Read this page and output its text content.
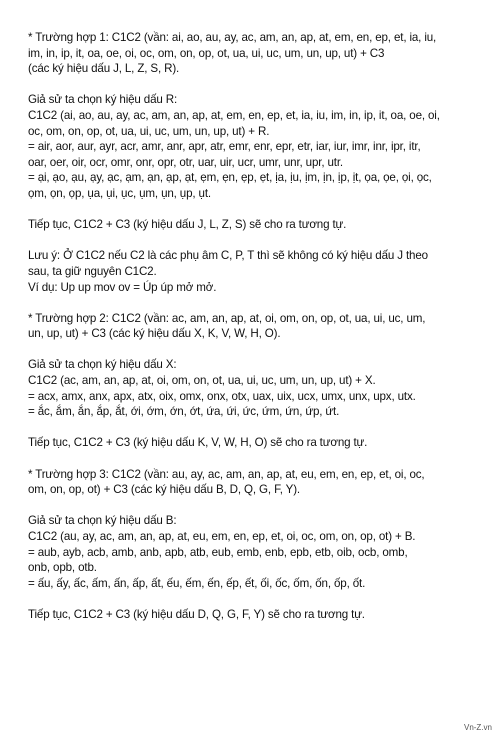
* Trường hợp 1: C1C2 (vần: ai, ao, au, ay, ac, am, an, ap, at, em, en, ep, et, ia, iu,
im, in, ip, it, oa, oe, oi, oc, om, on, op, ot, ua, ui, uc, um, un, up, ut) + C3
(các ký hiệu dấu J, L, Z, S, R).
Giả sử ta chọn ký hiệu dấu R:
C1C2 (ai, ao, au, ay, ac, am, an, ap, at, em, en, ep, et, ia, iu, im, in, ip, it, oa, oe, oi,
oc, om, on, op, ot, ua, ui, uc, um, un, up, ut) + R.
= air, aor, aur, ayr, acr, amr, anr, apr, atr, emr, enr, epr, etr, iar, iur, imr, inr, ipr, itr,
oar, oer, oir, ocr, omr, onr, opr, otr, uar, uir, ucr, umr, unr, upr, utr.
= ại, ạo, ạu, ạy, ạc, ạm, ạn, ạp, ạt, ẹm, ẹn, ẹp, ẹt, ịa, ịu, ịm, ịn, ịp, ịt, ọa, ọe, ọi, ọc,
ọm, ọn, ọp, ụa, ụi, ục, ụm, ụn, ụp, ụt.
Tiếp tục, C1C2 + C3 (ký hiệu dấu J, L, Z, S) sẽ cho ra tương tự.
Lưu ý: Ở C1C2 nếu C2 là các phụ âm C, P, T thì sẽ không có ký hiệu dấu J theo
sau, ta giữ nguyên C1C2.
Ví dụ: Up up mov ov = Úp úp mở mở.
* Trường hợp 2: C1C2 (vần: ac, am, an, ap, at, oi, om, on, op, ot, ua, ui, uc, um,
un, up, ut) + C3 (các ký hiệu dấu X, K, V, W, H, O).
Giả sử ta chọn ký hiệu dấu X:
C1C2 (ac, am, an, ap, at, oi, om, on, ot, ua, ui, uc, um, un, up, ut) + X.
= acx, amx, anx, apx, atx, oix, omx, onx, otx, uax, uix, ucx, umx, unx, upx, utx.
= ắc, ắm, ắn, ắp, ắt, ới, ớm, ớn, ớt, ứa, ứi, ức, ứm, ứn, ứp, ứt.
Tiếp tục, C1C2 + C3 (ký hiệu dấu K, V, W, H, O) sẽ cho ra tương tự.
* Trường hợp 3: C1C2 (vần: au, ay, ac, am, an, ap, at, eu, em, en, ep, et, oi, oc,
om, on, op, ot) + C3 (các ký hiệu dấu B, D, Q, G, F, Y).
Giả sử ta chọn ký hiệu dấu B:
C1C2 (au, ay, ac, am, an, ap, at, eu, em, en, ep, et, oi, oc, om, on, op, ot) + B.
= aub, ayb, acb, amb, anb, apb, atb, eub, emb, enb, epb, etb, oib, ocb, omb,
onb, opb, otb.
= ấu, ấy, ấc, ấm, ấn, ấp, ất, ếu, ếm, ến, ếp, ết, ối, ốc, ốm, ốn, ốp, ốt.
Tiếp tục, C1C2 + C3 (ký hiệu dấu D, Q, G, F, Y) sẽ cho ra tương tự.
Vn-Z.vn
